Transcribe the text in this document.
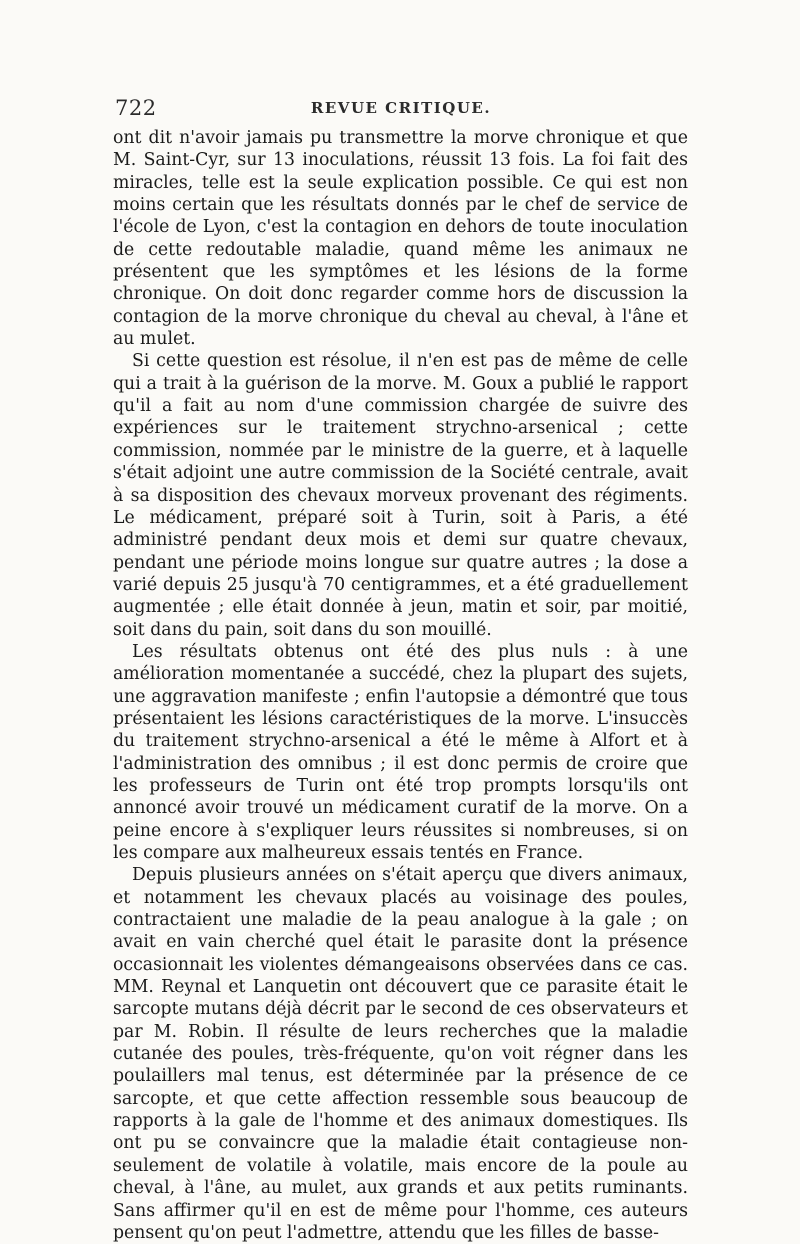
722	REVUE CRITIQUE.

ont dit n'avoir jamais pu transmettre la morve chronique et que M. Saint-Cyr, sur 13 inoculations, réussit 13 fois. La foi fait des miracles, telle est la seule explication possible. Ce qui est non moins certain que les résultats donnés par le chef de service de l'école de Lyon, c'est la contagion en dehors de toute inoculation de cette redoutable maladie, quand même les animaux ne présentent que les symptômes et les lésions de la forme chronique. On doit donc regarder comme hors de discussion la contagion de la morve chronique du cheval au cheval, à l'âne et au mulet.

Si cette question est résolue, il n'en est pas de même de celle qui a trait à la guérison de la morve. M. Goux a publié le rapport qu'il a fait au nom d'une commission chargée de suivre des expériences sur le traitement strychno-arsenical ; cette commission, nommée par le ministre de la guerre, et à laquelle s'était adjoint une autre commission de la Société centrale, avait à sa disposition des chevaux morveux provenant des régiments. Le médicament, préparé soit à Turin, soit à Paris, a été administré pendant deux mois et demi sur quatre chevaux, pendant une période moins longue sur quatre autres ; la dose a varié depuis 25 jusqu'à 70 centigrammes, et a été graduellement augmentée ; elle était donnée à jeun, matin et soir, par moitié, soit dans du pain, soit dans du son mouillé.

Les résultats obtenus ont été des plus nuls : à une amélioration momentanée a succédé, chez la plupart des sujets, une aggravation manifeste ; enfin l'autopsie a démontré que tous présentaient les lésions caractéristiques de la morve. L'insuccès du traitement strychno-arsenical a été le même à Alfort et à l'administration des omnibus ; il est donc permis de croire que les professeurs de Turin ont été trop prompts lorsqu'ils ont annoncé avoir trouvé un médicament curatif de la morve. On a peine encore à s'expliquer leurs réussites si nombreuses, si on les compare aux malheureux essais tentés en France.

Depuis plusieurs années on s'était aperçu que divers animaux, et notamment les chevaux placés au voisinage des poules, contractaient une maladie de la peau analogue à la gale ; on avait en vain cherché quel était le parasite dont la présence occasionnait les violentes démangeaisons observées dans ce cas. MM. Reynal et Lanquetin ont découvert que ce parasite était le sarcopte mutans déjà décrit par le second de ces observateurs et par M. Robin. Il résulte de leurs recherches que la maladie cutanée des poules, très-fréquente, qu'on voit régner dans les poulaillers mal tenus, est déterminée par la présence de ce sarcopte, et que cette affection ressemble sous beaucoup de rapports à la gale de l'homme et des animaux domestiques. Ils ont pu se convaincre que la maladie était contagieuse non-seulement de volatile à volatile, mais encore de la poule au cheval, à l'âne, au mulet, aux grands et aux petits ruminants. Sans affirmer qu'il en est de même pour l'homme, ces auteurs pensent qu'on peut l'admettre, attendu que les filles de basse-
